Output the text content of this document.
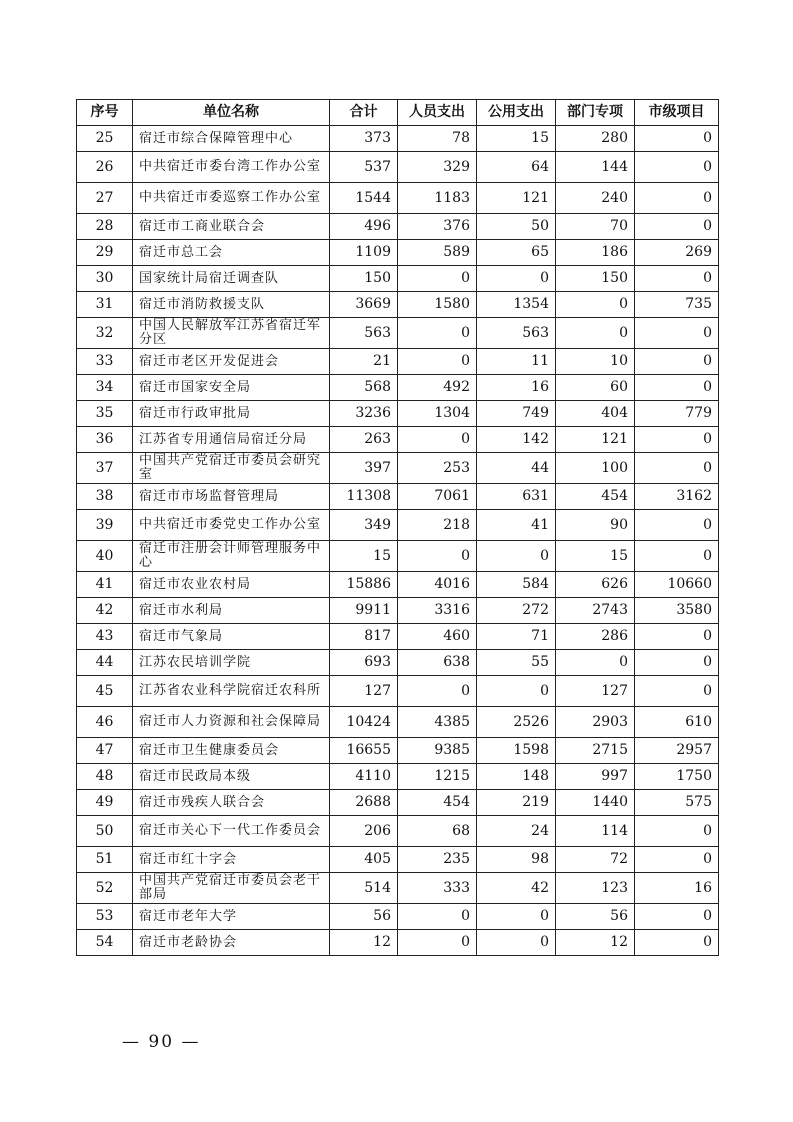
序号	单位名称	合计	人员支出	公用支出	部门专项	市级项目
25	宿迁市综合保障管理中心	373	78	15	280	0
26	中共宿迁市委台湾工作办公室	537	329	64	144	0
27	中共宿迁市委巡察工作办公室	1544	1183	121	240	0
28	宿迁市工商业联合会	496	376	50	70	0
29	宿迁市总工会	1109	589	65	186	269
30	国家统计局宿迁调查队	150	0	0	150	0
31	宿迁市消防救援支队	3669	1580	1354	0	735
32	中国人民解放军江苏省宿迁军分区	563	0	563	0	0
33	宿迁市老区开发促进会	21	0	11	10	0
34	宿迁市国家安全局	568	492	16	60	0
35	宿迁市行政审批局	3236	1304	749	404	779
36	江苏省专用通信局宿迁分局	263	0	142	121	0
37	中国共产党宿迁市委员会研究室	397	253	44	100	0
38	宿迁市市场监督管理局	11308	7061	631	454	3162
39	中共宿迁市委党史工作办公室	349	218	41	90	0
40	宿迁市注册会计师管理服务中心	15	0	0	15	0
41	宿迁市农业农村局	15886	4016	584	626	10660
42	宿迁市水利局	9911	3316	272	2743	3580
43	宿迁市气象局	817	460	71	286	0
44	江苏农民培训学院	693	638	55	0	0
45	江苏省农业科学院宿迁农科所	127	0	0	127	0
46	宿迁市人力资源和社会保障局	10424	4385	2526	2903	610
47	宿迁市卫生健康委员会	16655	9385	1598	2715	2957
48	宿迁市民政局本级	4110	1215	148	997	1750
49	宿迁市残疾人联合会	2688	454	219	1440	575
50	宿迁市关心下一代工作委员会	206	68	24	114	0
51	宿迁市红十字会	405	235	98	72	0
52	中国共产党宿迁市委员会老干部局	514	333	42	123	16
53	宿迁市老年大学	56	0	0	56	0
54	宿迁市老龄协会	12	0	0	12	0
— 90 —
